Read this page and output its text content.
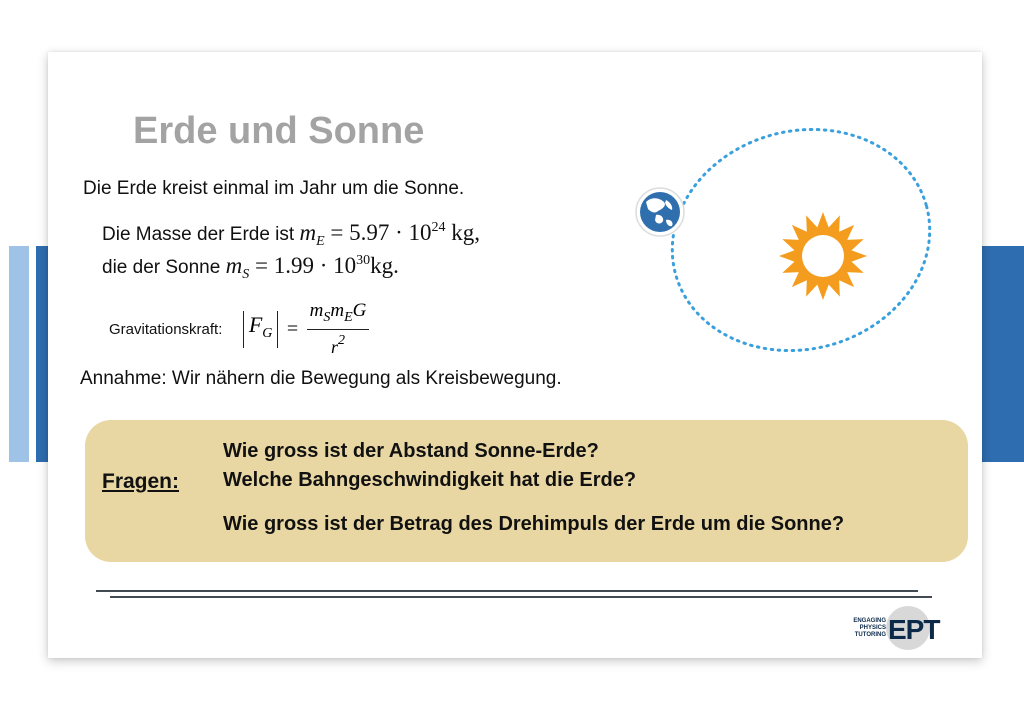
Erde und Sonne
Die Erde kreist einmal im Jahr um die Sonne.
Die Masse der Erde ist $m_E = 5.97 \cdot 10^{24}$ kg,
die der Sonne $m_S = 1.99 \cdot 10^{30}kg$.
Gravitationskraft: $F_G = \frac{m_Sm_EG}{r^2}$
Annahme: Wir nähern die Bewegung als Kreisbewegung.
Fragen:
Wie gross ist der Abstand Sonne-Erde?
Welche Bahngeschwindigkeit hat die Erde?
Wie gross ist der Betrag des Drehimpuls der Erde um die Sonne?
ENGAGING
PHYSICS
TUTORING EPT
